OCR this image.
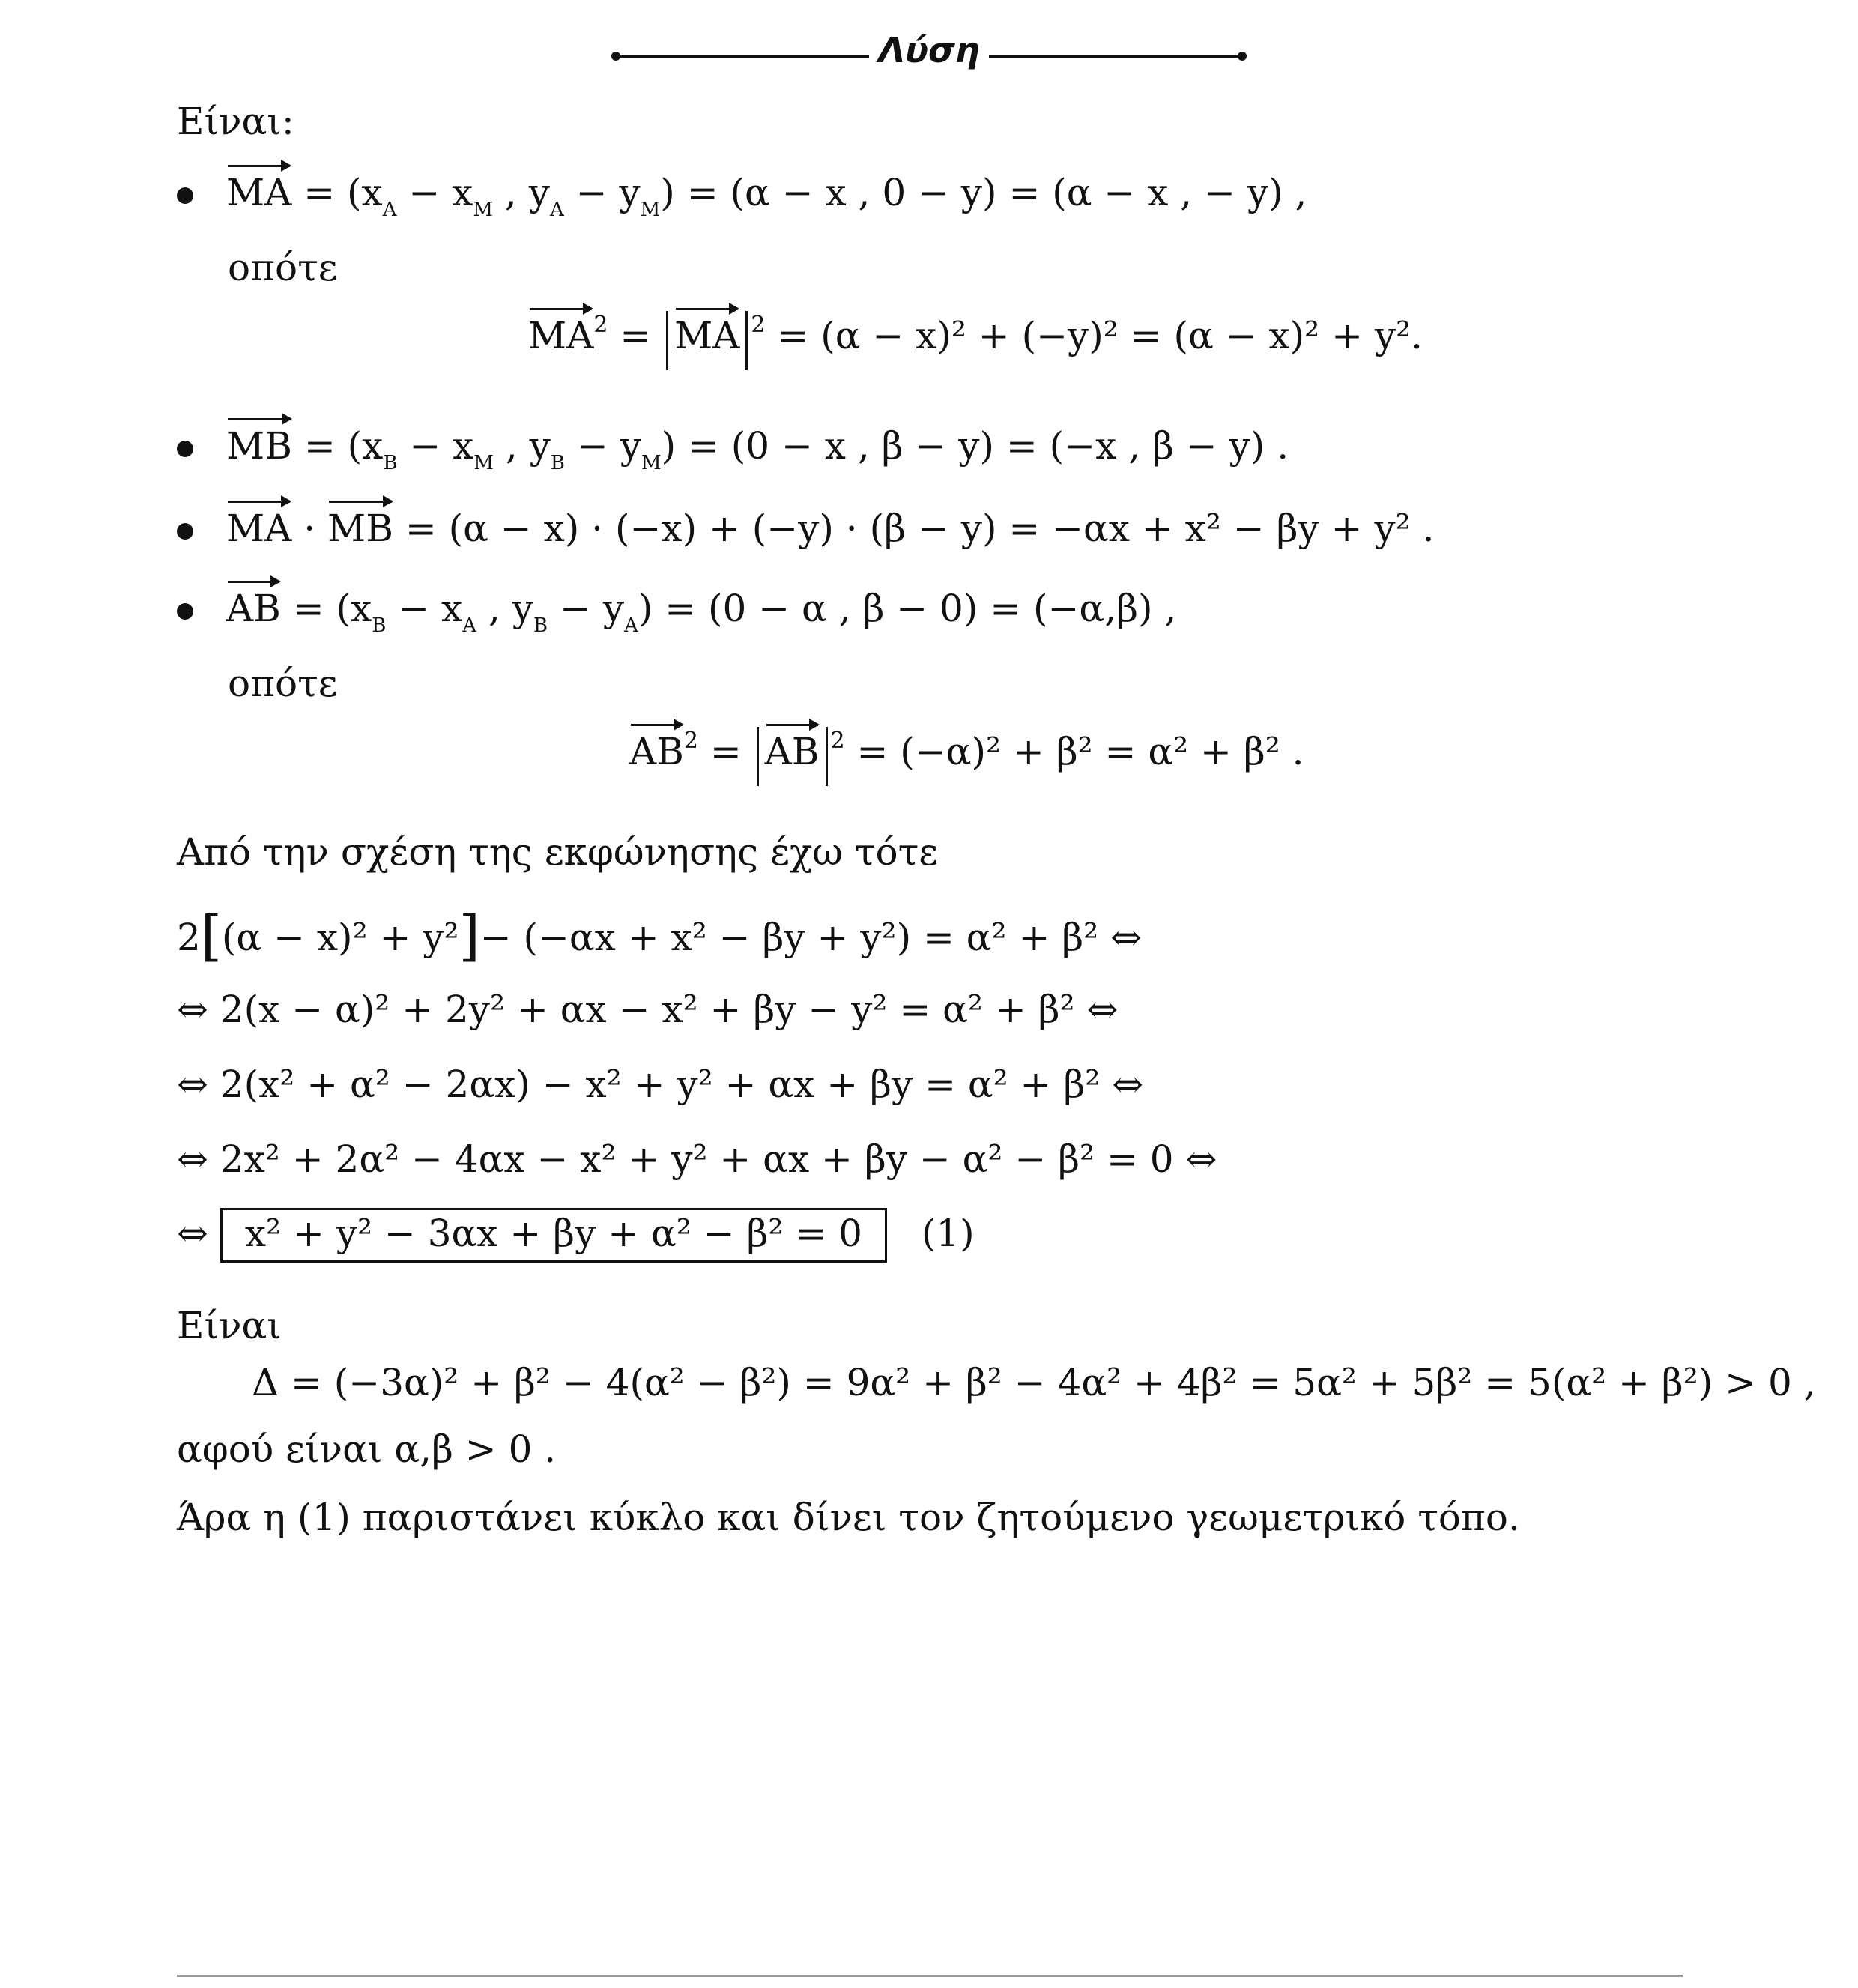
Λύση
Είναι:
MA = ($x_A - x_M$ , $y_A - y_M) = (\alpha - x$ , 0 − y) = (α − x , − y) ,
οπότε
$MA^2$ = MA $^2$ = (α − x)² + (−y)² = (α − x)² + y².
MB = ($x_B - x_M$ , $y_B - y_M) = (0 - x$ , β − y) = (−x , β − y) .
MA · MB = (α − x) · (−x) + (−y) · (β − y) = −αx + x² − βy + y² .
AB = ($x_B - x_A$ , $y_B - y_A) = (0 - \alpha$ , β − 0) = (−α,β) ,
οπότε
$AB^2$ = AB $^2$ = (−α)² + β² = α² + β² .
Από την σχέση της εκφώνησης έχω τότε
2[(α − x)² + y²]− (−αx + x² − βy + y²) = α² + β² ⇔
⇔ 2(x − α)² + 2y² + αx − x² + βy − y² = α² + β² ⇔
⇔ 2(x² + α² − 2αx) − x² + y² + αx + βy = α² + β² ⇔
⇔ 2x² + 2α² − 4αx − x² + y² + αx + βy − α² − β² = 0 ⇔
⇔ x² + y² − 3αx + βy + α² − β² = 0 (1)
Είναι
Δ = (−3α)² + β² − 4(α² − β²) = 9α² + β² − 4α² + 4β² = 5α² + 5β² = 5(α² + β²) > 0 ,
αφού είναι α,β > 0 .
Άρα η (1) παριστάνει κύκλο και δίνει τον ζητούμενο γεωμετρικό τόπο.
